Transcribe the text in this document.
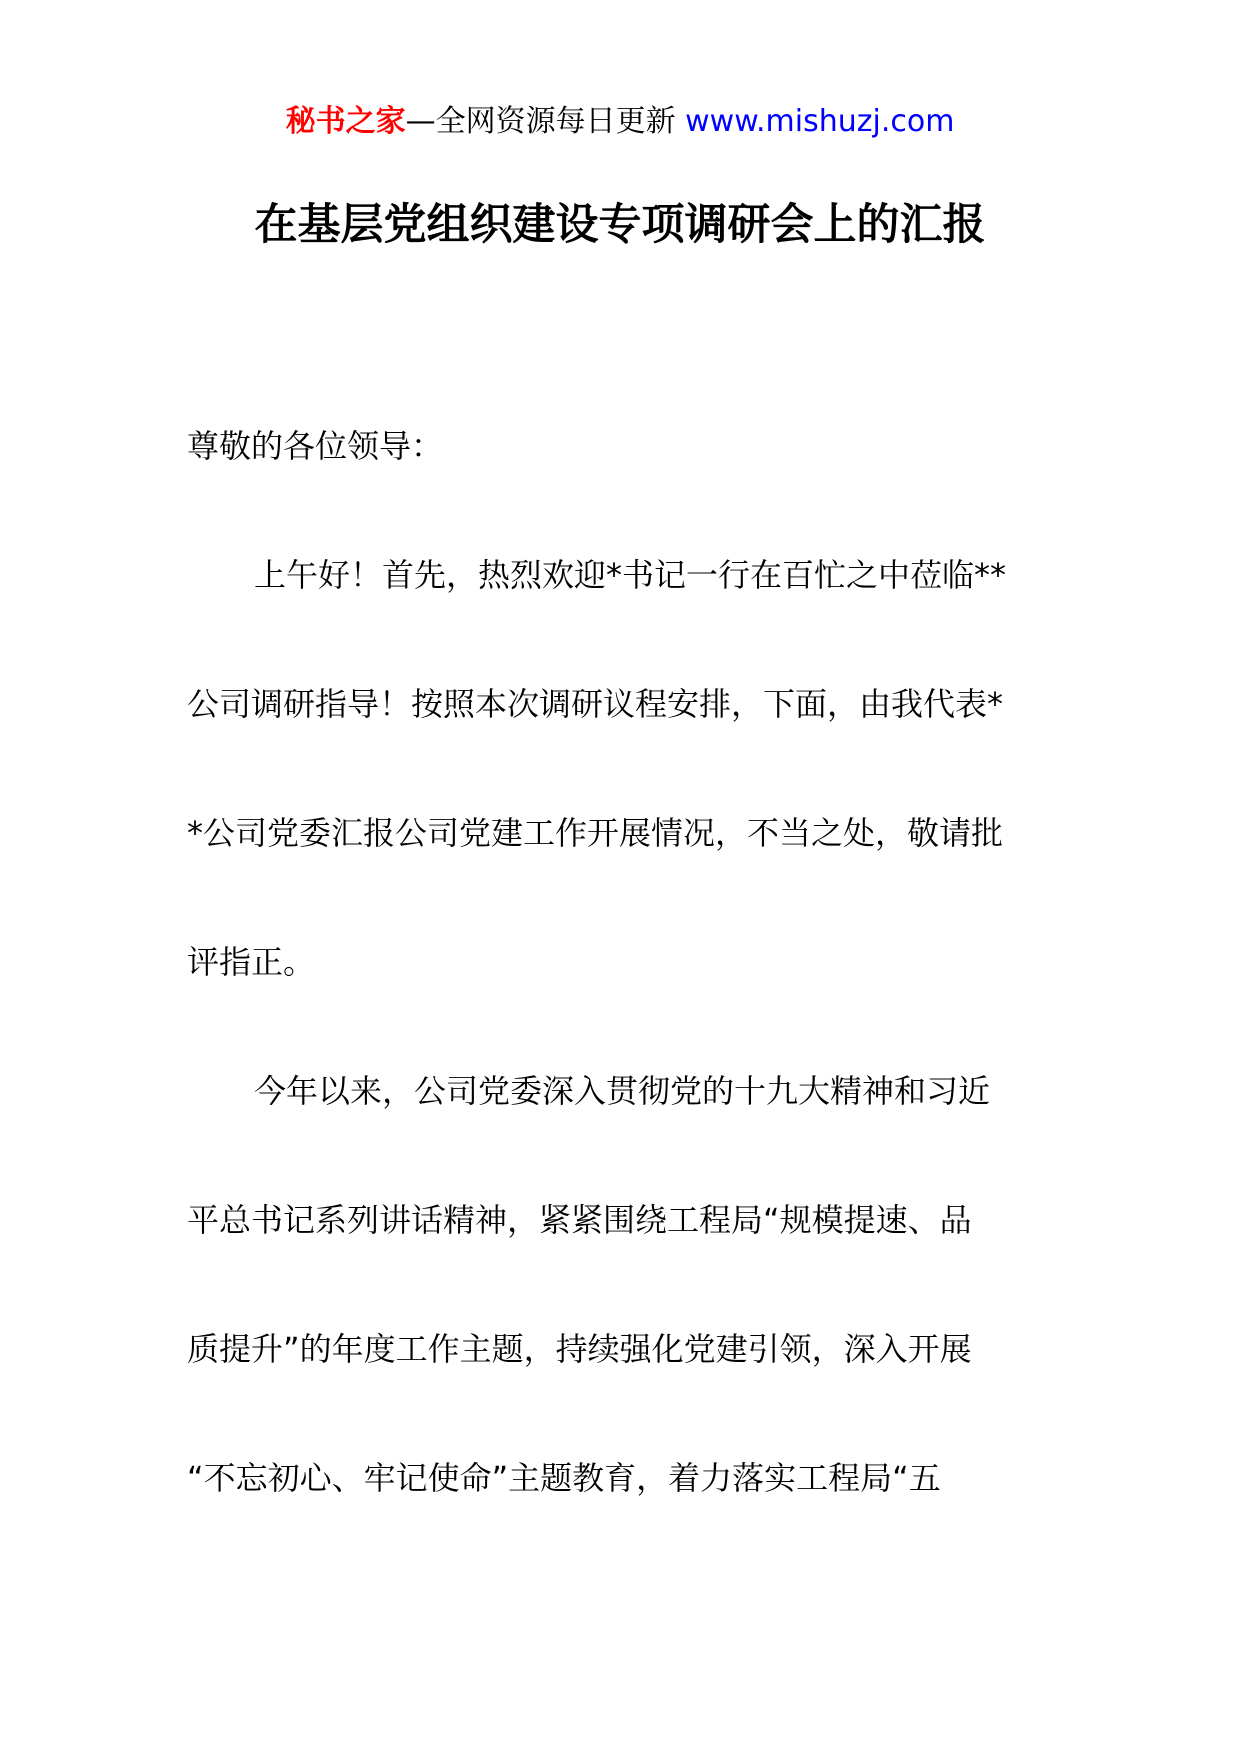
秘书之家—全网资源每日更新 www.mishuzj.com
在基层党组织建设专项调研会上的汇报
尊敬的各位领导：
上午好！首先，热烈欢迎*书记一行在百忙之中莅临**
公司调研指导！按照本次调研议程安排，下面，由我代表*
*公司党委汇报公司党建工作开展情况，不当之处，敬请批
评指正。
今年以来，公司党委深入贯彻党的十九大精神和习近
平总书记系列讲话精神，紧紧围绕工程局“规模提速、品
质提升”的年度工作主题，持续强化党建引领，深入开展
“不忘初心、牢记使命”主题教育，着力落实工程局“五
